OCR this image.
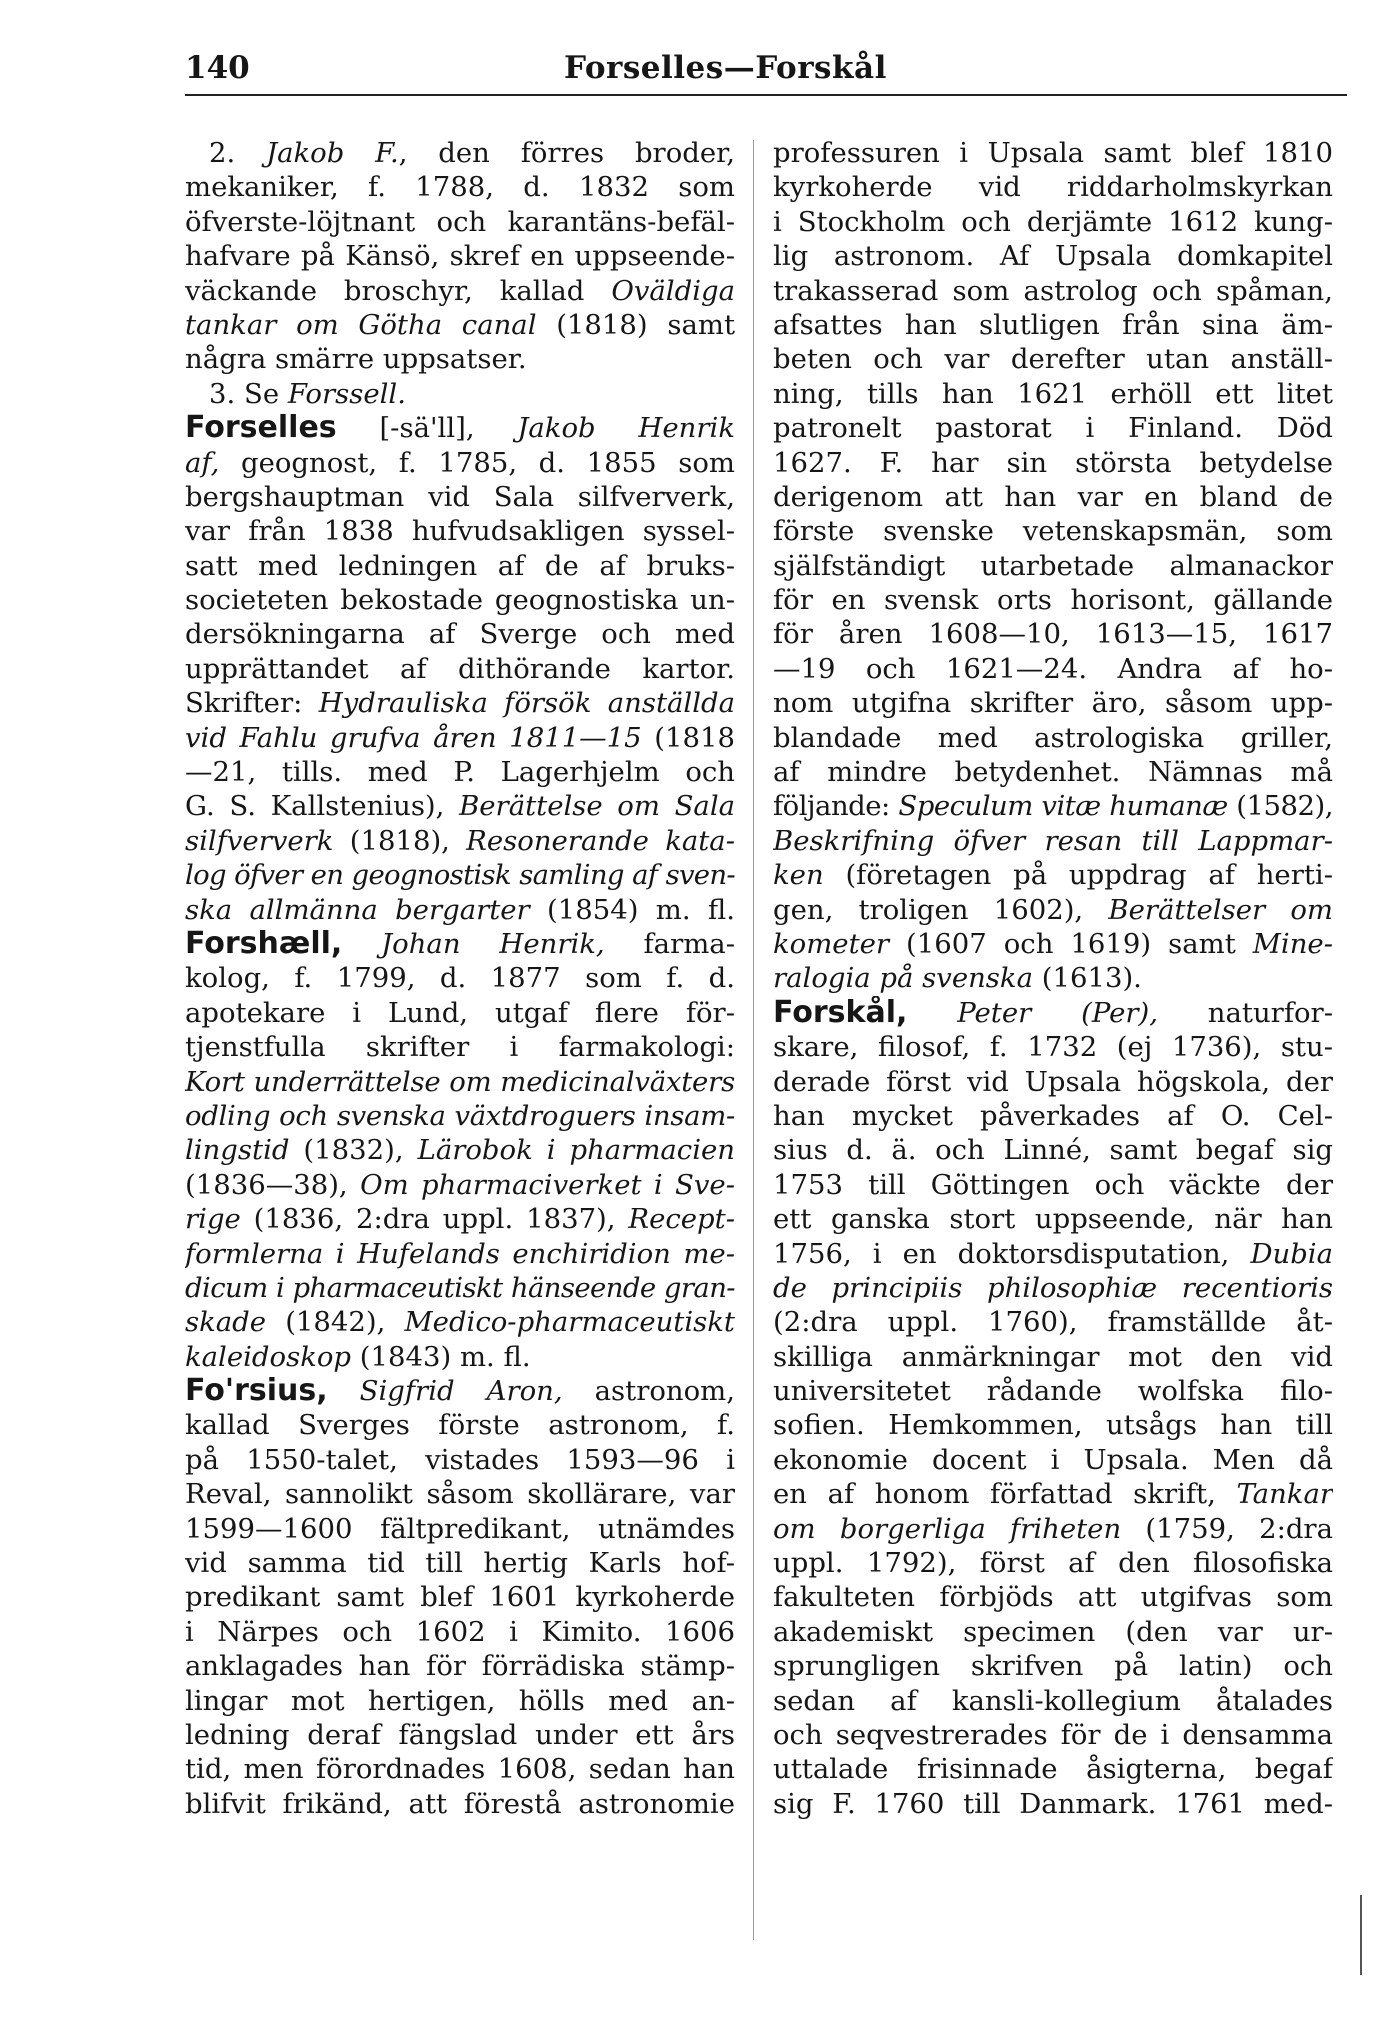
140	Forselles—Forskål
2. Jakob F., den förres broder,
mekaniker, f. 1788, d. 1832 som
öfverste-löjtnant och karantäns-befäl-
hafvare på Känsö, skref en uppseende-
väckande broschyr, kallad Oväldiga
tankar om Götha canal (1818) samt
några smärre uppsatser.
3. Se Forssell.
Forselles [-sä'll], Jakob Henrik
af, geognost, f. 1785, d. 1855 som
bergshauptman vid Sala silfververk,
var från 1838 hufvudsakligen syssel-
satt med ledningen af de af bruks-
societeten bekostade geognostiska un-
dersökningarna af Sverge och med
upprättandet af dithörande kartor.
Skrifter: Hydrauliska försök anställda
vid Fahlu grufva åren 1811—15 (1818
—21, tills. med P. Lagerhjelm och
G. S. Kallstenius), Berättelse om Sala
silfververk (1818), Resonerande kata-
log öfver en geognostisk samling af sven-
ska allmänna bergarter (1854) m. fl.
Forshæll, Johan Henrik, farma-
kolog, f. 1799, d. 1877 som f. d.
apotekare i Lund, utgaf flere för-
tjenstfulla skrifter i farmakologi:
Kort underrättelse om medicinalväxters
odling och svenska växtdroguers insam-
lingstid (1832), Lärobok i pharmacien
(1836—38), Om pharmaciverket i Sve-
rige (1836, 2:dra uppl. 1837), Recept-
formlerna i Hufelands enchiridion me-
dicum i pharmaceutiskt hänseende gran-
skade (1842), Medico-pharmaceutiskt
kaleidoskop (1843) m. fl.
Fo'rsius, Sigfrid Aron, astronom,
kallad Sverges förste astronom, f.
på 1550-talet, vistades 1593—96 i
Reval, sannolikt såsom skollärare, var
1599—1600 fältpredikant, utnämdes
vid samma tid till hertig Karls hof-
predikant samt blef 1601 kyrkoherde
i Närpes och 1602 i Kimito. 1606
anklagades han för förrädiska stämp-
lingar mot hertigen, hölls med an-
ledning deraf fängslad under ett års
tid, men förordnades 1608, sedan han
blifvit frikänd, att förestå astronomie
professuren i Upsala samt blef 1810
kyrkoherde vid riddarholmskyrkan
i Stockholm och derjämte 1612 kung-
lig astronom. Af Upsala domkapitel
trakasserad som astrolog och spåman,
afsattes han slutligen från sina äm-
beten och var derefter utan anställ-
ning, tills han 1621 erhöll ett litet
patronelt pastorat i Finland. Död
1627. F. har sin största betydelse
derigenom att han var en bland de
förste svenske vetenskapsmän, som
själfständigt utarbetade almanackor
för en svensk orts horisont, gällande
för åren 1608—10, 1613—15, 1617
—19 och 1621—24. Andra af ho-
nom utgifna skrifter äro, såsom upp-
blandade med astrologiska griller,
af mindre betydenhet. Nämnas må
följande: Speculum vitæ humanæ (1582),
Beskrifning öfver resan till Lappmar-
ken (företagen på uppdrag af herti-
gen, troligen 1602), Berättelser om
kometer (1607 och 1619) samt Mine-
ralogia på svenska (1613).
Forskål, Peter (Per), naturfor-
skare, filosof, f. 1732 (ej 1736), stu-
derade först vid Upsala högskola, der
han mycket påverkades af O. Cel-
sius d. ä. och Linné, samt begaf sig
1753 till Göttingen och väckte der
ett ganska stort uppseende, när han
1756, i en doktorsdisputation, Dubia
de principiis philosophiæ recentioris
(2:dra uppl. 1760), framställde åt-
skilliga anmärkningar mot den vid
universitetet rådande wolfska filo-
sofien. Hemkommen, utsågs han till
ekonomie docent i Upsala. Men då
en af honom författad skrift, Tankar
om borgerliga friheten (1759, 2:dra
uppl. 1792), först af den filosofiska
fakulteten förbjöds att utgifvas som
akademiskt specimen (den var ur-
sprungligen skrifven på latin) och
sedan af kansli-kollegium åtalades
och seqvestrerades för de i densamma
uttalade frisinnade åsigterna, begaf
sig F. 1760 till Danmark. 1761 med-
